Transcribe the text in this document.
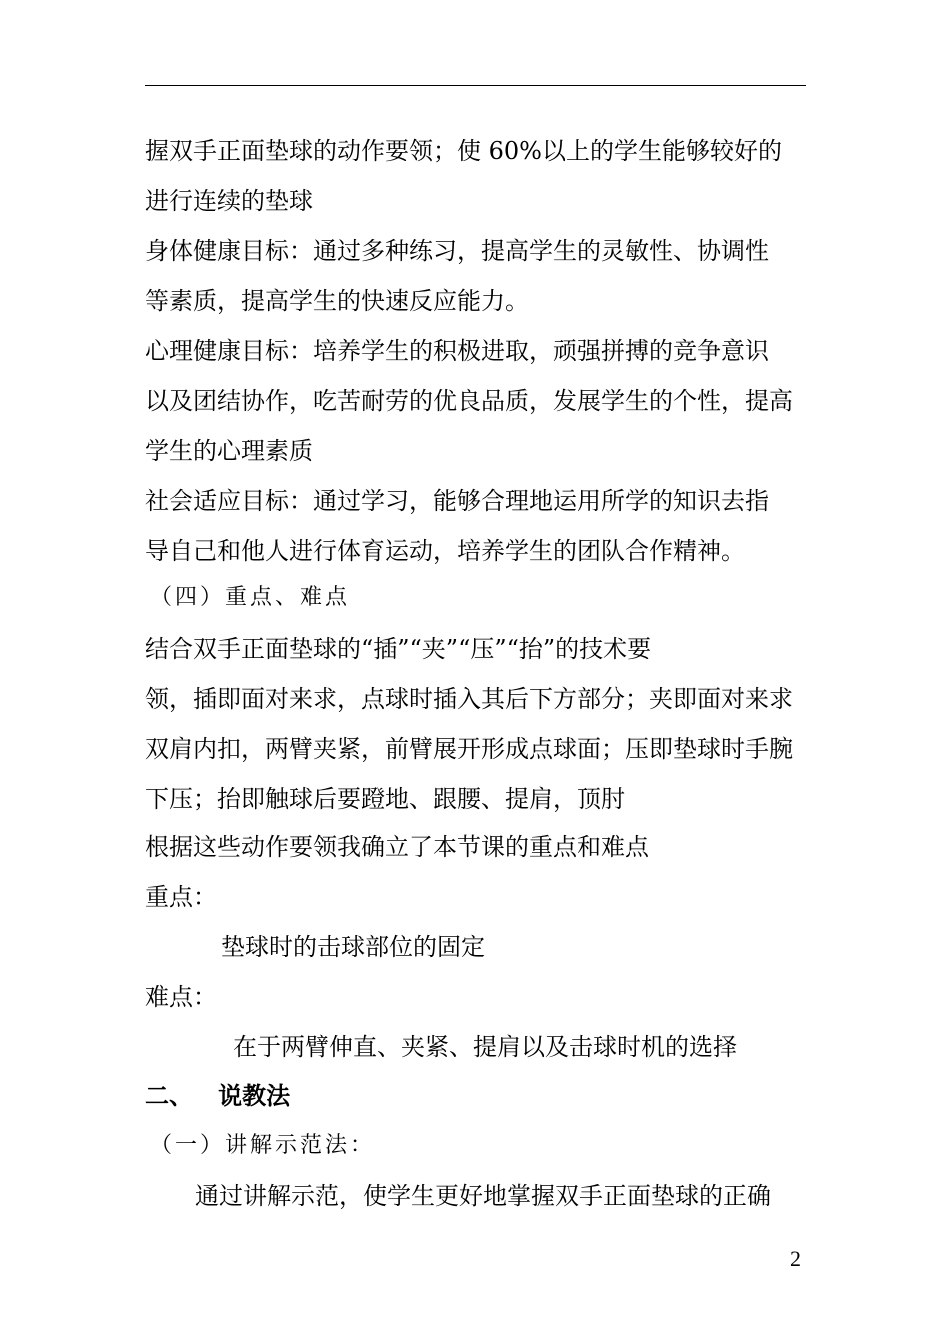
握双手正面垫球的动作要领；使 60%以上的学生能够较好的

进行连续的垫球

身体健康目标：通过多种练习，提高学生的灵敏性、协调性

等素质，提高学生的快速反应能力。

心理健康目标：培养学生的积极进取，顽强拼搏的竞争意识

以及团结协作，吃苦耐劳的优良品质，发展学生的个性，提高

学生的心理素质

社会适应目标：通过学习，能够合理地运用所学的知识去指

导自己和他人进行体育运动，培养学生的团队合作精神。

（四）重点、难点

结合双手正面垫球的“插”“夹”“压”“抬”的技术要

领，插即面对来求，点球时插入其后下方部分；夹即面对来求

双肩内扣，两臂夹紧，前臂展开形成点球面；压即垫球时手腕

下压；抬即触球后要蹬地、跟腰、提肩，顶肘

根据这些动作要领我确立了本节课的重点和难点

重点：

垫球时的击球部位的固定

难点：

在于两臂伸直、夹紧、提肩以及击球时机的选择

二、   说教法

（一）讲解示范法：

通过讲解示范，使学生更好地掌握双手正面垫球的正确

2
